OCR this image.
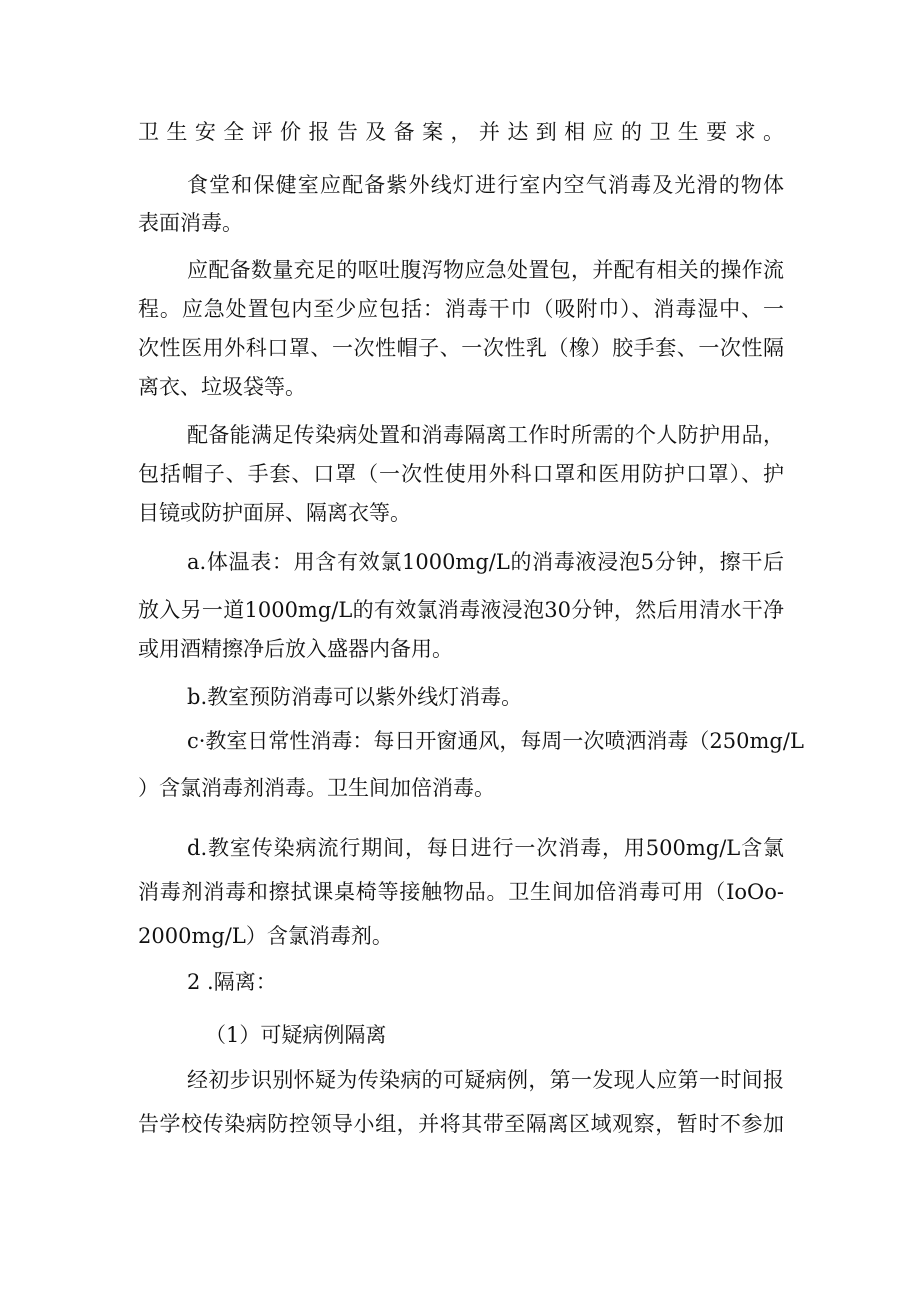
卫生安全评价报告及备案，并达到相应的卫生要求。
食堂和保健室应配备紫外线灯进行室内空气消毒及光滑的物体
表面消毒。
应配备数量充足的呕吐腹泻物应急处置包，并配有相关的操作流
程。应急处置包内至少应包括：消毒干巾（吸附巾）、消毒湿中、一
次性医用外科口罩、一次性帽子、一次性乳（橡）胶手套、一次性隔
离衣、垃圾袋等。
配备能满足传染病处置和消毒隔离工作时所需的个人防护用品，
包括帽子、手套、口罩（一次性使用外科口罩和医用防护口罩）、护
目镜或防护面屏、隔离衣等。
a.体温表：用含有效氯1000mg/L的消毒液浸泡5分钟，擦干后
放入另一道1000mg/L的有效氯消毒液浸泡30分钟，然后用清水干净
或用酒精擦净后放入盛器内备用。
b.教室预防消毒可以紫外线灯消毒。
c·教室日常性消毒：每日开窗通风，每周一次喷洒消毒（250mg/L
）含氯消毒剂消毒。卫生间加倍消毒。
d.教室传染病流行期间，每日进行一次消毒，用500mg/L含氯
消毒剂消毒和擦拭课桌椅等接触物品。卫生间加倍消毒可用（IoOo-
2000mg/L）含氯消毒剂。
2 .隔离：
（1）可疑病例隔离
经初步识别怀疑为传染病的可疑病例，第一发现人应第一时间报
告学校传染病防控领导小组，并将其带至隔离区域观察，暂时不参加
